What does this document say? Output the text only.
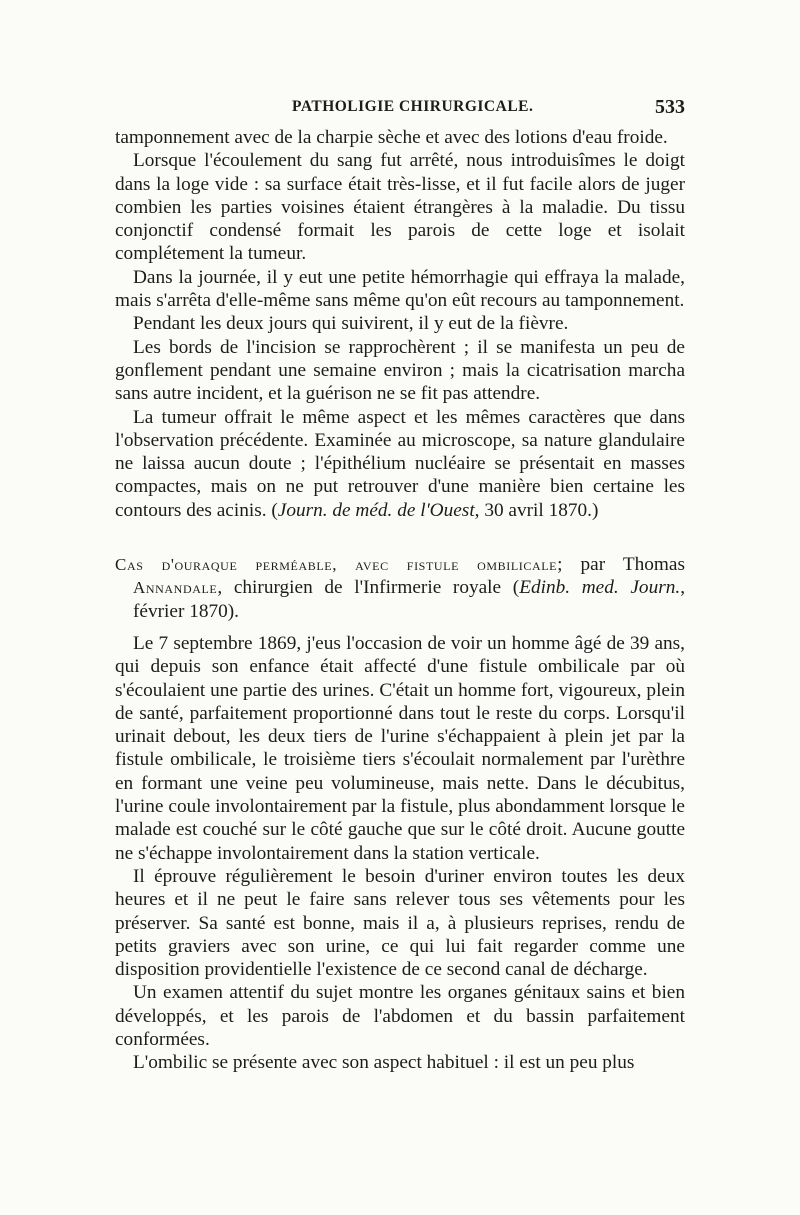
PATHOLIGIE CHIRURGICALE.	533

tamponnement avec de la charpie sèche et avec des lotions d'eau froide.

Lorsque l'écoulement du sang fut arrêté, nous introduisîmes le doigt dans la loge vide : sa surface était très-lisse, et il fut facile alors de juger combien les parties voisines étaient étrangères à la maladie. Du tissu conjonctif condensé formait les parois de cette loge et isolait complétement la tumeur.

Dans la journée, il y eut une petite hémorrhagie qui effraya la malade, mais s'arrêta d'elle-même sans même qu'on eût recours au tamponnement.

Pendant les deux jours qui suivirent, il y eut de la fièvre.

Les bords de l'incision se rapprochèrent ; il se manifesta un peu de gonflement pendant une semaine environ ; mais la cicatrisation marcha sans autre incident, et la guérison ne se fit pas attendre.

La tumeur offrait le même aspect et les mêmes caractères que dans l'observation précédente. Examinée au microscope, sa nature glandulaire ne laissa aucun doute ; l'épithélium nucléaire se présentait en masses compactes, mais on ne put retrouver d'une manière bien certaine les contours des acinis. (Journ. de méd. de l'Ouest, 30 avril 1870.)

Cas d'ouraque perméable, avec fistule ombilicale; par Thomas Annandale, chirurgien de l'Infirmerie royale (Edinb. med. Journ., février 1870).

Le 7 septembre 1869, j'eus l'occasion de voir un homme âgé de 39 ans, qui depuis son enfance était affecté d'une fistule ombilicale par où s'écoulaient une partie des urines. C'était un homme fort, vigoureux, plein de santé, parfaitement proportionné dans tout le reste du corps. Lorsqu'il urinait debout, les deux tiers de l'urine s'échappaient à plein jet par la fistule ombilicale, le troisième tiers s'écoulait normalement par l'urèthre en formant une veine peu volumineuse, mais nette. Dans le décubitus, l'urine coule involontairement par la fistule, plus abondamment lorsque le malade est couché sur le côté gauche que sur le côté droit. Aucune goutte ne s'échappe involontairement dans la station verticale.

Il éprouve régulièrement le besoin d'uriner environ toutes les deux heures et il ne peut le faire sans relever tous ses vêtements pour les préserver. Sa santé est bonne, mais il a, à plusieurs reprises, rendu de petits graviers avec son urine, ce qui lui fait regarder comme une disposition providentielle l'existence de ce second canal de décharge.

Un examen attentif du sujet montre les organes génitaux sains et bien développés, et les parois de l'abdomen et du bassin parfaitement conformées.

L'ombilic se présente avec son aspect habituel : il est un peu plus
